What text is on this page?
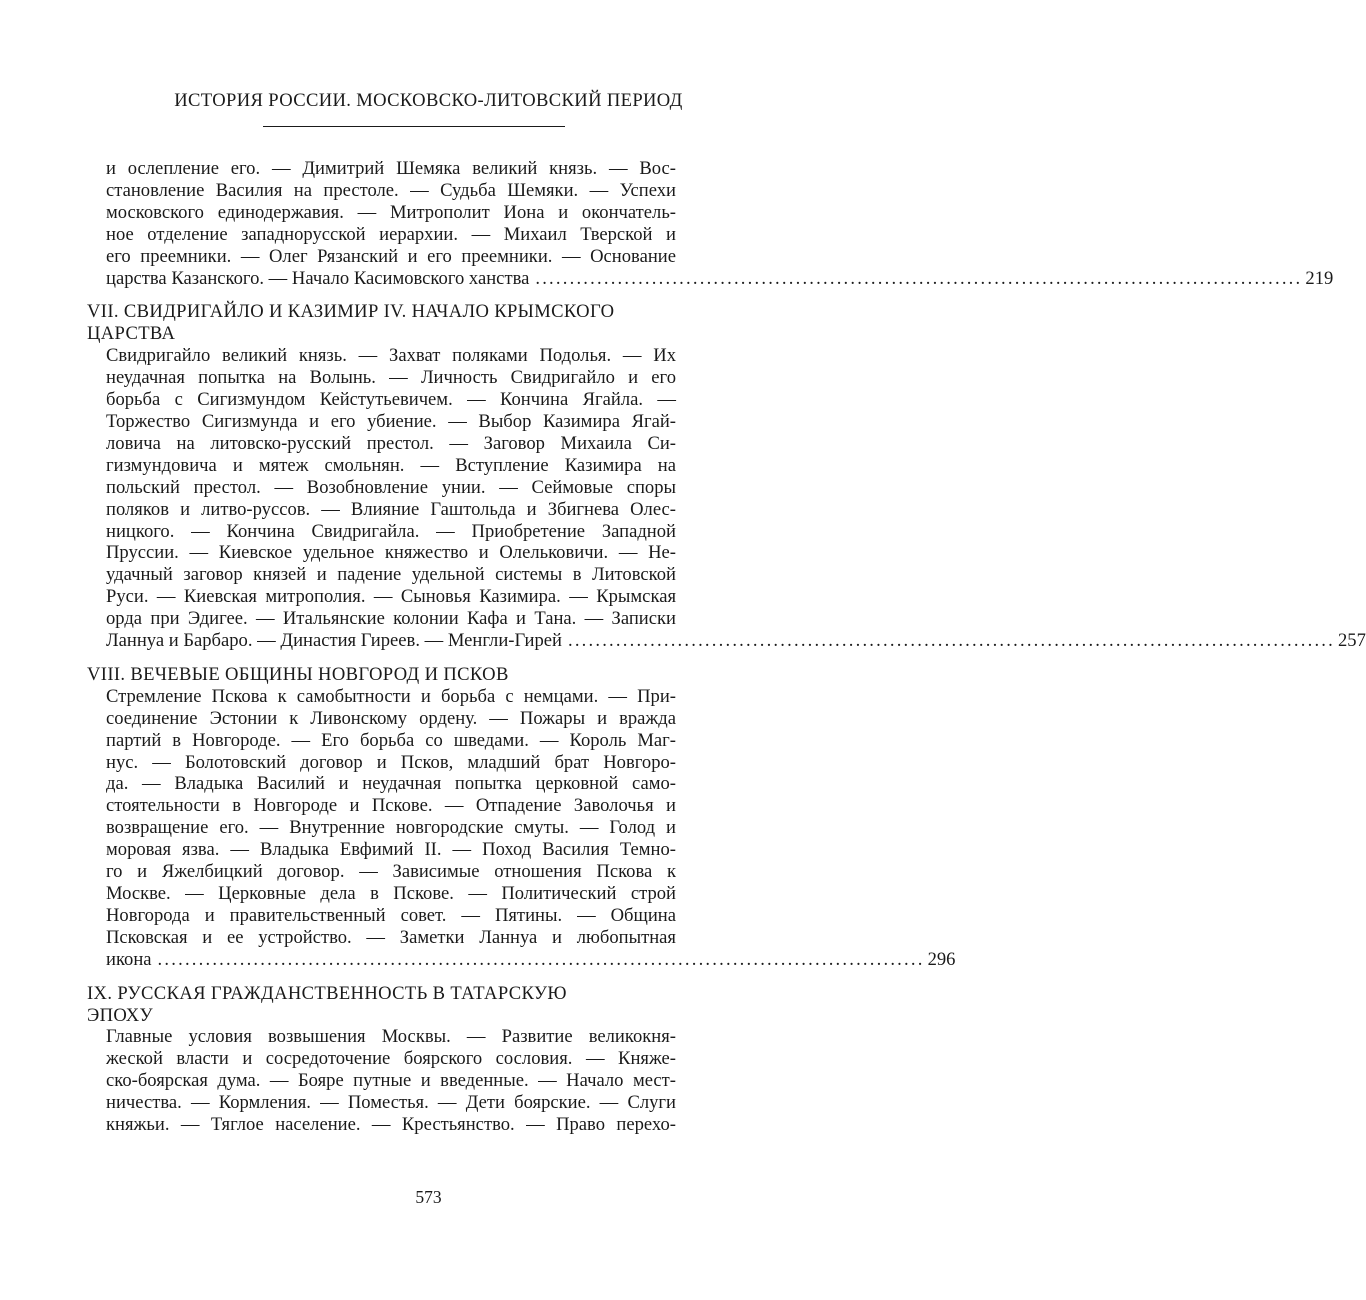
ИСТОРИЯ РОССИИ. МОСКОВСКО-ЛИТОВСКИЙ ПЕРИОД
и ослепление его. — Димитрий Шемяка великий князь. — Вос-
становление Василия на престоле. — Судьба Шемяки. — Успехи
московского единодержавия. — Митрополит Иона и окончатель-
ное отделение западнорусской иерархии. — Михаил Тверской и
его преемники. — Олег Рязанский и его преемники. — Основание
царства Казанского. — Начало Касимовского ханства ................................................................................................................ 219
VII. СВИДРИГАЙЛО И КАЗИМИР IV. НАЧАЛО КРЫМСКОГО
ЦАРСТВА
Свидригайло великий князь. — Захват поляками Подолья. — Их
неудачная попытка на Волынь. — Личность Свидригайло и его
борьба с Сигизмундом Кейстутьевичем. — Кончина Ягайла. —
Торжество Сигизмунда и его убиение. — Выбор Казимира Ягай-
ловича на литовско-русский престол. — Заговор Михаила Си-
гизмундовича и мятеж смольнян. — Вступление Казимира на
польский престол. — Возобновление унии. — Сеймовые споры
поляков и литво-руссов. — Влияние Гаштольда и Збигнева Олес-
ницкого. — Кончина Свидригайла. — Приобретение Западной
Пруссии. — Киевское удельное княжество и Олельковичи. — Не-
удачный заговор князей и падение удельной системы в Литовской
Руси. — Киевская митрополия. — Сыновья Казимира. — Крымская
орда при Эдигее. — Итальянские колонии Кафа и Тана. — Записки
Ланнуа и Барбаро. — Династия Гиреев. — Менгли-Гирей ................................................................................................................ 257
VIII. ВЕЧЕВЫЕ ОБЩИНЫ НОВГОРОД И ПСКОВ
Стремление Пскова к самобытности и борьба с немцами. — При-
соединение Эстонии к Ливонскому ордену. — Пожары и вражда
партий в Новгороде. — Его борьба со шведами. — Король Маг-
нус. — Болотовский договор и Псков, младший брат Новгоро-
да. — Владыка Василий и неудачная попытка церковной само-
стоятельности в Новгороде и Пскове. — Отпадение Заволочья и
возвращение его. — Внутренние новгородские смуты. — Голод и
моровая язва. — Владыка Евфимий II. — Поход Василия Темно-
го и Яжелбицкий договор. — Зависимые отношения Пскова к
Москве. — Церковные дела в Пскове. — Политический строй
Новгорода и правительственный совет. — Пятины. — Община
Псковская и ее устройство. — Заметки Ланнуа и любопытная
икона ................................................................................................................ 296
IX. РУССКАЯ ГРАЖДАНСТВЕННОСТЬ В ТАТАРСКУЮ
ЭПОХУ
Главные условия возвышения Москвы. — Развитие великокня-
жеской власти и сосредоточение боярского сословия. — Княже-
ско-боярская дума. — Бояре путные и введенные. — Начало мест-
ничества. — Кормления. — Поместья. — Дети боярские. — Слуги
княжьи. — Тяглое население. — Крестьянство. — Право перехо-
573
